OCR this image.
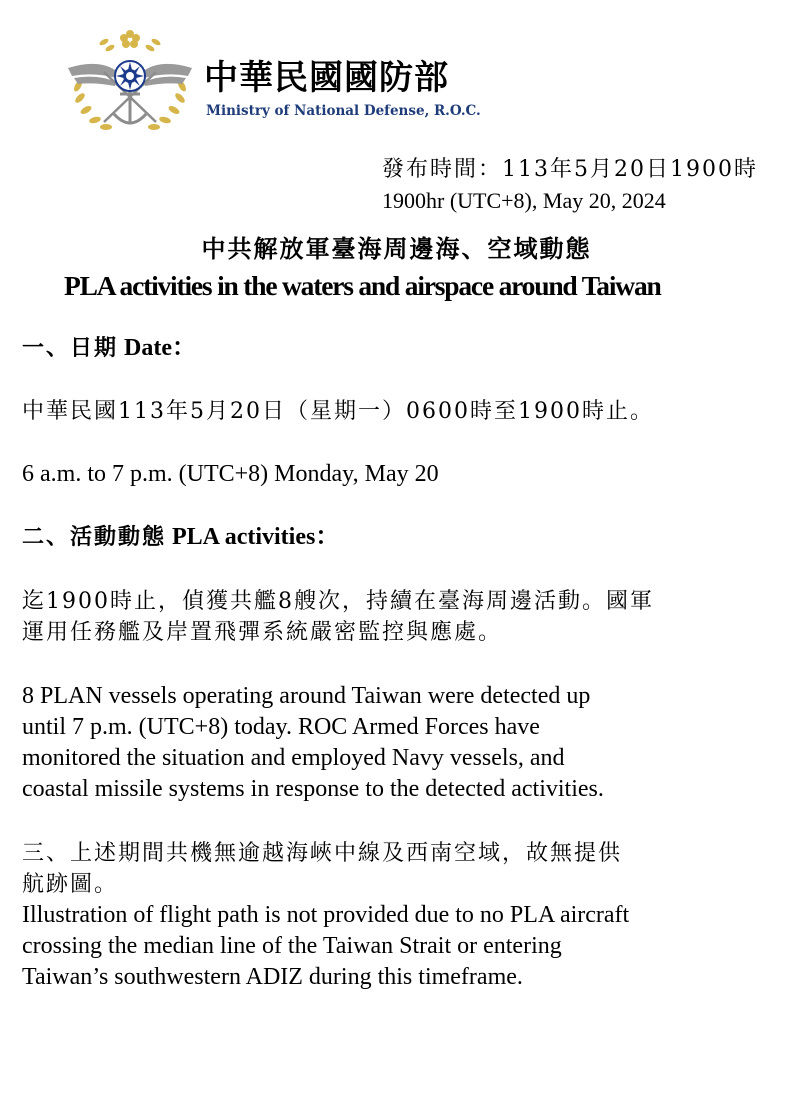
中華民國國防部
Ministry of National Defense, R.O.C.
發布時間：113年5月20日1900時
1900hr (UTC+8), May 20, 2024
中共解放軍臺海周邊海、空域動態
PLA activities in the waters and airspace around Taiwan
一、日期 Date：
中華民國113年5月20日（星期一）0600時至1900時止。
6 a.m. to 7 p.m. (UTC+8) Monday, May 20
二、活動動態 PLA activities：
迄1900時止，偵獲共艦8艘次，持續在臺海周邊活動。國軍
運用任務艦及岸置飛彈系統嚴密監控與應處。
8 PLAN vessels operating around Taiwan were detected up
until 7 p.m. (UTC+8) today. ROC Armed Forces have
monitored the situation and employed Navy vessels, and
coastal missile systems in response to the detected activities.
三、上述期間共機無逾越海峽中線及西南空域，故無提供
航跡圖。
Illustration of flight path is not provided due to no PLA aircraft
crossing the median line of the Taiwan Strait or entering
Taiwan’s southwestern ADIZ during this timeframe.
